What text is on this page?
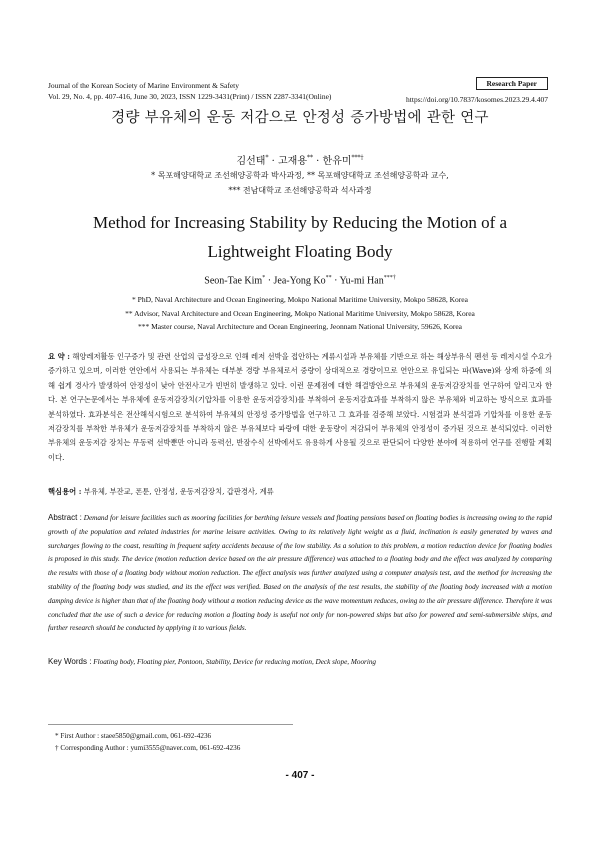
Journal of the Korean Society of Marine Environment & Safety
Vol. 29, No. 4, pp. 407-416, June 30, 2023, ISSN 1229-3431(Print) / ISSN 2287-3341(Online)
Research Paper
https://doi.org/10.7837/kosomes.2023.29.4.407
경량 부유체의 운동 저감으로 안정성 증가방법에 관한 연구
김선태* · 고재용** · 한유미***†
* 목포해양대학교 조선해양공학과 박사과정, ** 목포해양대학교 조선해양공학과 교수,
*** 전남대학교 조선해양공학과 석사과정
Method for Increasing Stability by Reducing the Motion of a Lightweight Floating Body
Seon-Tae Kim* · Jea-Yong Ko** · Yu-mi Han***†
* PhD, Naval Architecture and Ocean Engineering, Mokpo National Maritime University, Mokpo 58628, Korea
** Advisor, Naval Architecture and Ocean Engineering, Mokpo National Maritime University, Mokpo 58628, Korea
*** Master course, Naval Architecture and Ocean Engineering, Jeonnam National University, 59626, Korea
요 약 : 해양레저활동 인구증가 및 관련 산업의 급성장으로 인해 레저 선박을 접안하는 계류시설과 부유체를 기반으로 하는 해상부유식 펜션 등 레저시설 수요가 증가하고 있으며, 이러한 연안에서 사용되는 부유체는 대부분 경량 부유체로서 중량이 상대적으로 경량이므로 연안으로 유입되는 파(Wave)와 상재 하중에 의해 쉽게 경사가 발생하여 안정성이 낮아 안전사고가 빈번히 발생하고 있다. 이런 문제점에 대한 해결방안으로 부유체의 운동저감장치를 연구하여 알리고자 한다. 본 연구논문에서는 부유체에 운동저감장치(기압차를 이용한 운동저감장치)를 부착하여 운동저감효과를 부착하지 않은 부유체와 비교하는 방식으로 효과를 분석하였다. 효과분석은 전산해석시험으로 분석하여 부유체의 안정성 증가방법을 연구하고 그 효과를 검증해 보았다. 시험결과 분석결과 기압차를 이용한 운동저감장치를 부착한 부유체가 운동저감장치를 부착하지 않은 부유체보다 파랑에 대한 운동량이 저감되어 부유체의 안정성이 증가된 것으로 분석되었다. 이러한 부유체의 운동저감 장치는 무동력 선박뿐만 아니라 동력선, 반잠수식 선박에서도 유용하게 사용될 것으로 판단되어 다양한 분야에 적용하여 연구를 진행할 계획이다.
핵심용어 : 부유체, 부잔교, 폰툰, 안정성, 운동저감장치, 갑판경사, 계류
Abstract : Demand for leisure facilities such as mooring facilities for berthing leisure vessels and floating pensions based on floating bodies is increasing owing to the rapid growth of the population and related industries for marine leisure activities. Owing to its relatively light weight as a fluid, inclination is easily generated by waves and surcharges flowing to the coast, resulting in frequent safety accidents because of the low stability. As a solution to this problem, a motion reduction device for floating bodies is proposed in this study. The device (motion reduction device based on the air pressure difference) was attached to a floating body and the effect was analyzed by comparing the results with those of a floating body without motion reduction. The effect analysis was further analyzed using a computer analysis test, and the method for increasing the stability of the floating body was studied, and its the effect was verified. Based on the analysis of the test results, the stability of the floating body increased with a motion damping device is higher than that of the floating body without a motion reducing device as the wave momentum reduces, owing to the air pressure difference. Therefore it was concluded that the use of such a device for reducing motion a floating body is useful not only for non-powered ships but also for powered and semi-submersible ships, and further research should be conducted by applying it to various fields.
Key Words : Floating body, Floating pier, Pontoon, Stability, Device for reducing motion, Deck slope, Mooring
* First Author : staee5850@gmail.com, 061-692-4236
† Corresponding Author : yumi3555@naver.com, 061-692-4236
- 407 -
